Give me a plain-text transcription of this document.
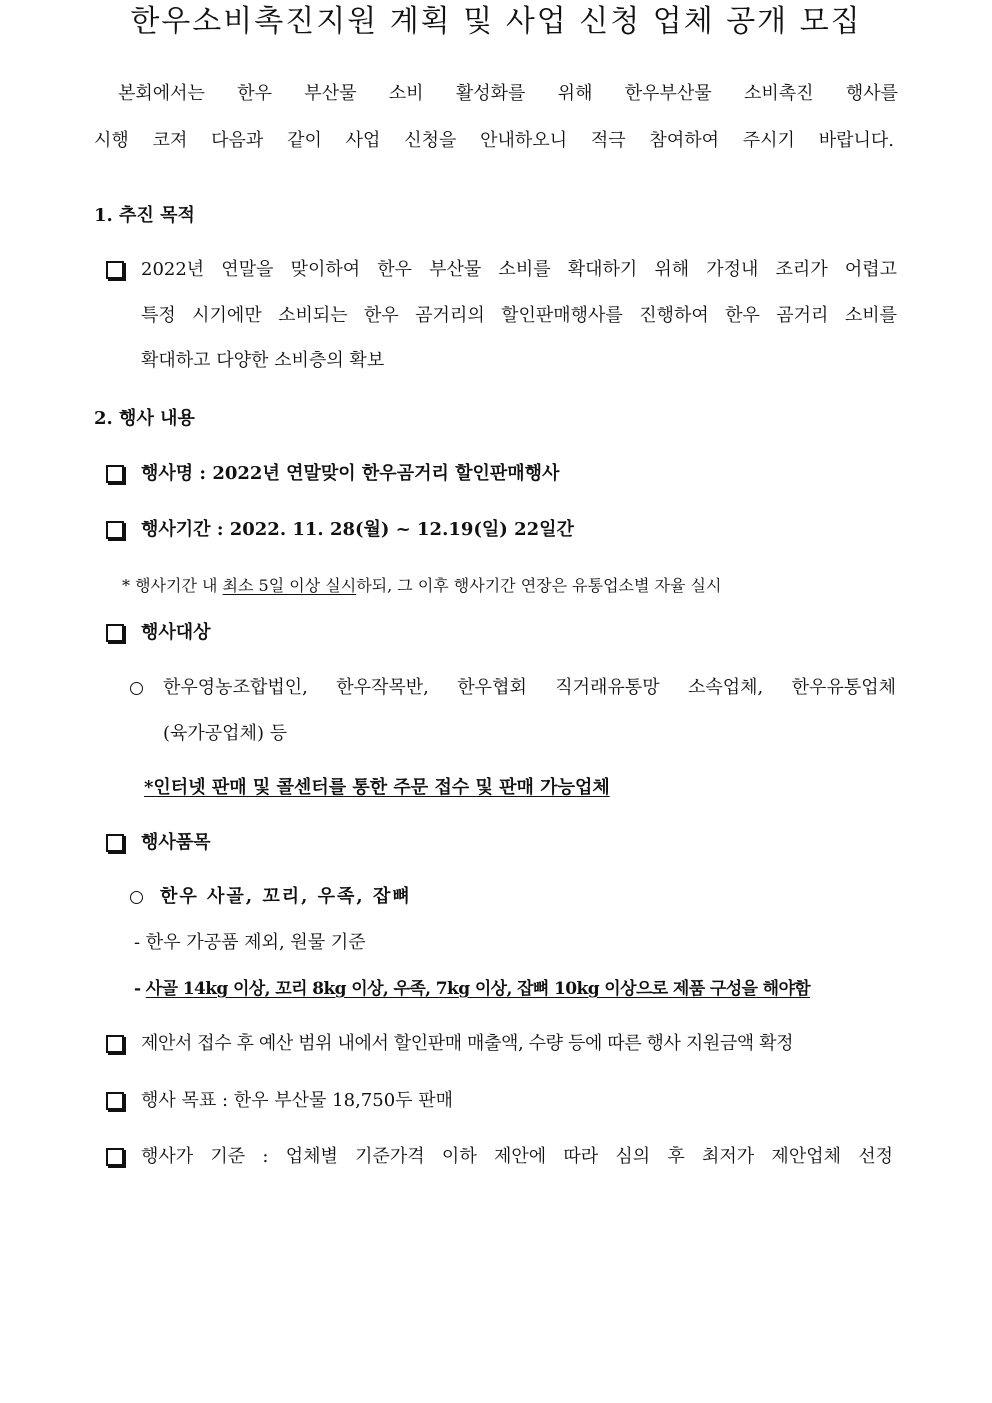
한우소비촉진지원 계획 및 사업 신청 업체 공개 모집
본회에서는 한우 부산물 소비 활성화를 위해 한우부산물 소비촉진 행사를
시행 코져 다음과 같이 사업 신청을 안내하오니 적극 참여하여 주시기 바랍니다.
1. 추진 목적
2022년 연말을 맞이하여 한우 부산물 소비를 확대하기 위해 가정내 조리가 어렵고
특정 시기에만 소비되는 한우 곰거리의 할인판매행사를 진행하여 한우 곰거리 소비를
확대하고 다양한 소비층의 확보
2. 행사 내용
행사명 : 2022년 연말맞이 한우곰거리 할인판매행사
행사기간 : 2022. 11. 28(월) ~ 12.19(일) 22일간
* 행사기간 내 최소 5일 이상 실시하되, 그 이후 행사기간 연장은 유통업소별 자율 실시
행사대상
한우영농조합법인, 한우작목반, 한우협회 직거래유통망 소속업체, 한우유통업체
(육가공업체) 등
*인터넷 판매 및 콜센터를 통한 주문 접수 및 판매 가능업체
행사품목
한우 사골, 꼬리, 우족, 잡뼈
- 한우 가공품 제외, 원물 기준
- 사골 14kg 이상, 꼬리 8kg 이상, 우족, 7kg 이상, 잡뼈 10kg 이상으로 제품 구성을 해야함
제안서 접수 후 예산 범위 내에서 할인판매 매출액, 수량 등에 따른 행사 지원금액 확정
행사 목표 : 한우 부산물 18,750두 판매
행사가 기준 : 업체별 기준가격 이하 제안에 따라 심의 후 최저가 제안업체 선정
